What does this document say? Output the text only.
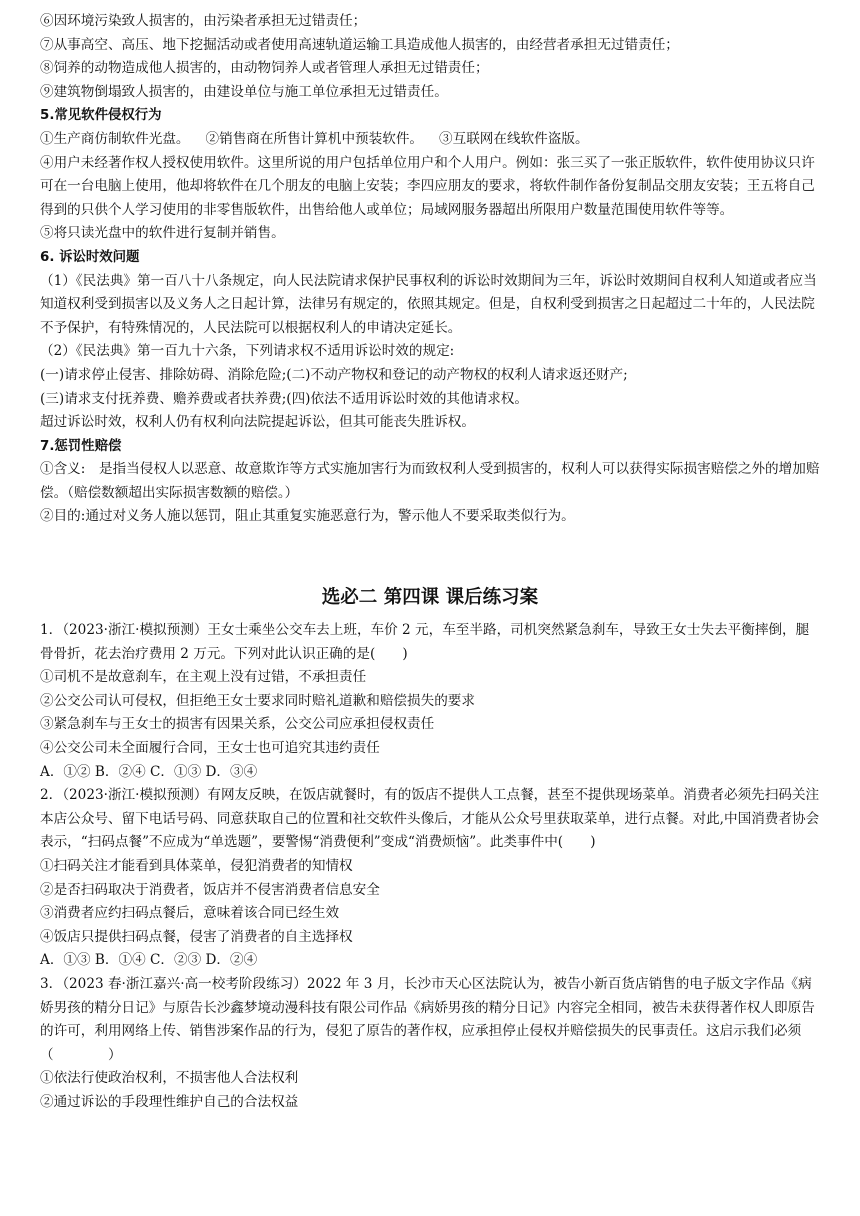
⑥因环境污染致人损害的，由污染者承担无过错责任；
⑦从事高空、高压、地下挖掘活动或者使用高速轨道运输工具造成他人损害的，由经营者承担无过错责任；
⑧饲养的动物造成他人损害的，由动物饲养人或者管理人承担无过错责任；
⑨建筑物倒塌致人损害的，由建设单位与施工单位承担无过错责任。
5.常见软件侵权行为
①生产商仿制软件光盘。 ②销售商在所售计算机中预装软件。 ③互联网在线软件盗版。
④用户未经著作权人授权使用软件。这里所说的用户包括单位用户和个人用户。例如：张三买了一张正版软件，软件使用协议只许可在一台电脑上使用，他却将软件在几个朋友的电脑上安装；李四应朋友的要求，将软件制作备份复制品交朋友安装；王五将自己得到的只供个人学习使用的非零售版软件，出售给他人或单位；局域网服务器超出所限用户数量范围使用软件等等。
⑤将只读光盘中的软件进行复制并销售。
6. 诉讼时效问题
（1）《民法典》第一百八十八条规定，向人民法院请求保护民事权利的诉讼时效期间为三年，诉讼时效期间自权利人知道或者应当知道权利受到损害以及义务人之日起计算，法律另有规定的，依照其规定。但是，自权利受到损害之日起超过二十年的，人民法院不予保护，有特殊情况的，人民法院可以根据权利人的申请决定延长。
（2）《民法典》第一百九十六条，下列请求权不适用诉讼时效的规定:
(一)请求停止侵害、排除妨碍、消除危险;(二)不动产物权和登记的动产物权的权利人请求返还财产;
(三)请求支付抚养费、赡养费或者扶养费;(四)依法不适用诉讼时效的其他请求权。
超过诉讼时效，权利人仍有权利向法院提起诉讼，但其可能丧失胜诉权。
7.惩罚性赔偿
①含义:　是指当侵权人以恶意、故意欺诈等方式实施加害行为而致权利人受到损害的，权利人可以获得实际损害赔偿之外的增加赔偿。（赔偿数额超出实际损害数额的赔偿。）
②目的:通过对义务人施以惩罚，阻止其重复实施恶意行为，警示他人不要采取类似行为。
选必二 第四课 课后练习案
1．（2023·浙江·模拟预测）王女士乘坐公交车去上班，车价 2 元，车至半路，司机突然紧急刹车，导致王女士失去平衡摔倒，腿骨骨折，花去治疗费用 2 万元。下列对此认识正确的是(　　)
①司机不是故意刹车，在主观上没有过错，不承担责任
②公交公司认可侵权，但拒绝王女士要求同时赔礼道歉和赔偿损失的要求
③紧急刹车与王女士的损害有因果关系，公交公司应承担侵权责任
④公交公司未全面履行合同，王女士也可追究其违约责任
A．①② B．②④ C．①③ D．③④
2．（2023·浙江·模拟预测）有网友反映，在饭店就餐时，有的饭店不提供人工点餐，甚至不提供现场菜单。消费者必须先扫码关注本店公众号、留下电话号码、同意获取自己的位置和社交软件头像后，才能从公众号里获取菜单，进行点餐。对此,中国消费者协会表示，“扫码点餐”不应成为“单选题”，要警惕“消费便利”变成“消费烦恼”。此类事件中(　　)
①扫码关注才能看到具体菜单，侵犯消费者的知情权
②是否扫码取决于消费者，饭店并不侵害消费者信息安全
③消费者应约扫码点餐后，意味着该合同已经生效
④饭店只提供扫码点餐，侵害了消费者的自主选择权
A．①③ B．①④ C．②③ D．②④
3．（2023 春·浙江嘉兴·高一校考阶段练习）2022 年 3 月，长沙市天心区法院认为，被告小新百货店销售的电子版文字作品《病娇男孩的精分日记》与原告长沙鑫梦境动漫科技有限公司作品《病娇男孩的精分日记》内容完全相同，被告未获得著作权人即原告的许可，利用网络上传、销售涉案作品的行为，侵犯了原告的著作权，应承担停止侵权并赔偿损失的民事责任。这启示我们必须（　　　　）
①依法行使政治权利，不损害他人合法权利
②通过诉讼的手段理性维护自己的合法权益
